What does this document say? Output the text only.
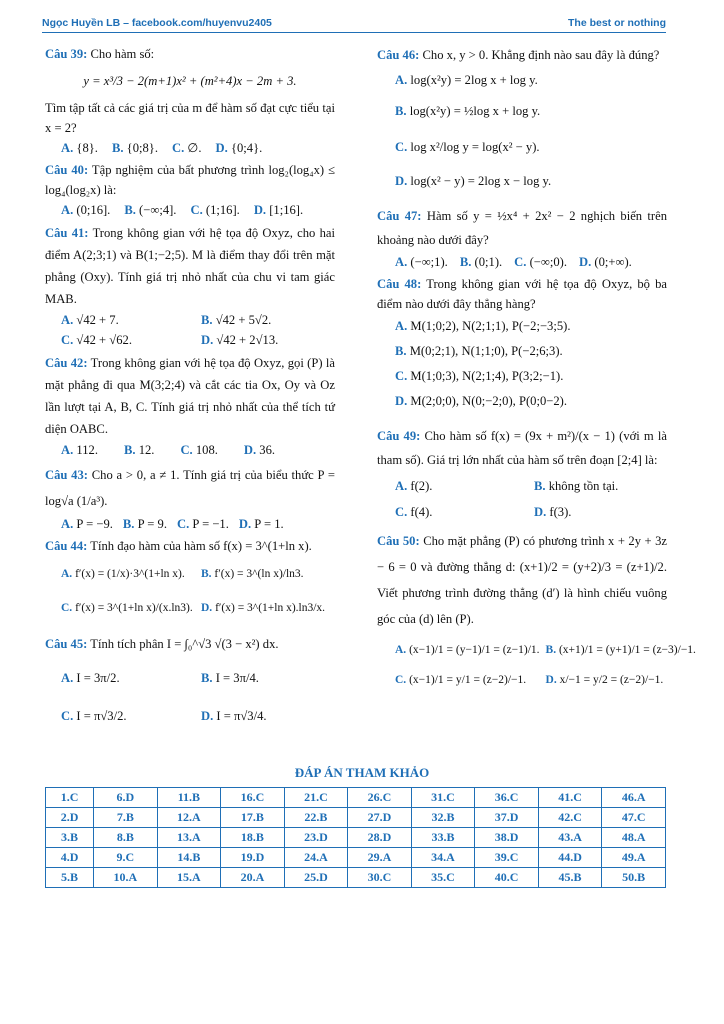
Ngọc Huyền LB – facebook.com/huyenvu2405	The best or nothing

Câu 39: Cho hàm số:

y = x³/3 − 2(m+1)x² + (m²+4)x − 2m + 3.

Tìm tập tất cả các giá trị của m để hàm số đạt cực tiểu tại x = 2?

A. {8}. B. {0;8}. C. ∅. D. {0;4}.

Câu 40: Tập nghiệm của bất phương trình log₂(log₄x) ≤ log₄(log₂x) là:

A. (0;16]. B. (−∞;4]. C. (1;16]. D. [1;16].

Câu 41: Trong không gian với hệ tọa độ Oxyz, cho hai điểm A(2;3;1) và B(1;−2;5). M là điểm thay đổi trên mặt phẳng (Oxy). Tính giá trị nhỏ nhất của chu vi tam giác MAB.

A. √42 + 7.	B. √42 + 5√2.
C. √42 + √62.	D. √42 + 2√13.

Câu 42: Trong không gian với hệ tọa độ Oxyz, gọi (P) là mặt phẳng đi qua M(3;2;4) và cắt các tia Ox, Oy và Oz lần lượt tại A, B, C. Tính giá trị nhỏ nhất của thể tích tứ diện OABC.

A. 112. B. 12. C. 108. D. 36.

Câu 43: Cho a > 0, a ≠ 1. Tính giá trị của biểu thức P = log√a (1/a³).

A. P = −9. B. P = 9. C. P = −1. D. P = 1.

Câu 44: Tính đạo hàm của hàm số f(x) = 3^(1+ln x).

A. f′(x) = (1/x)·3^(1+ln x).	B. f′(x) = 3^(ln x)/ln3.
C. f′(x) = 3^(1+ln x)/(x.ln3). D. f′(x) = 3^(1+ln x).ln3/x.

Câu 45: Tính tích phân I = ∫₀^√3 √(3 − x²) dx.

A. I = 3π/2.	B. I = 3π/4.
C. I = π√3/2.	D. I = π√3/4.

Câu 46: Cho x, y > 0. Khẳng định nào sau đây là đúng?

A. log(x²y) = 2log x + log y.
B. log(x²y) = ½log x + log y.
C. log x²/log y = log(x² − y).
D. log(x² − y) = 2log x − log y.

Câu 47: Hàm số y = ½x⁴ + 2x² − 2 nghịch biến trên khoảng nào dưới đây?

A. (−∞;1). B. (0;1). C. (−∞;0). D. (0;+∞).

Câu 48: Trong không gian với hệ tọa độ Oxyz, bộ ba điểm nào dưới đây thẳng hàng?

A. M(1;0;2), N(2;1;1), P(−2;−3;5).
B. M(0;2;1), N(1;1;0), P(−2;6;3).
C. M(1;0;3), N(2;1;4), P(3;2;−1).
D. M(2;0;0), N(0;−2;0), P(0;0−2).

Câu 49: Cho hàm số f(x) = (9x + m²)/(x − 1) (với m là tham số). Giá trị lớn nhất của hàm số trên đoạn [2;4] là:

A. f(2).	B. không tồn tại.
C. f(4).	D. f(3).

Câu 50: Cho mặt phẳng (P) có phương trình x + 2y + 3z − 6 = 0 và đường thẳng d: (x+1)/2 = (y+2)/3 = (z+1)/2. Viết phương trình đường thẳng (d′) là hình chiếu vuông góc của (d) lên (P).

A. (x−1)/1 = (y−1)/1 = (z−1)/1. B. (x+1)/1 = (y+1)/1 = (z−3)/−1.
C. (x−1)/1 = y/1 = (z−2)/−1.	D. x/−1 = y/2 = (z−2)/−1.
ĐÁP ÁN THAM KHẢO
1.C	6.D	11.B	16.C	21.C	26.C	31.C	36.C	41.C	46.A
2.D	7.B	12.A	17.B	22.B	27.D	32.B	37.D	42.C	47.C
3.B	8.B	13.A	18.B	23.D	28.D	33.B	38.D	43.A	48.A
4.D	9.C	14.B	19.D	24.A	29.A	34.A	39.C	44.D	49.A
5.B	10.A	15.A	20.A	25.D	30.C	35.C	40.C	45.B	50.B
